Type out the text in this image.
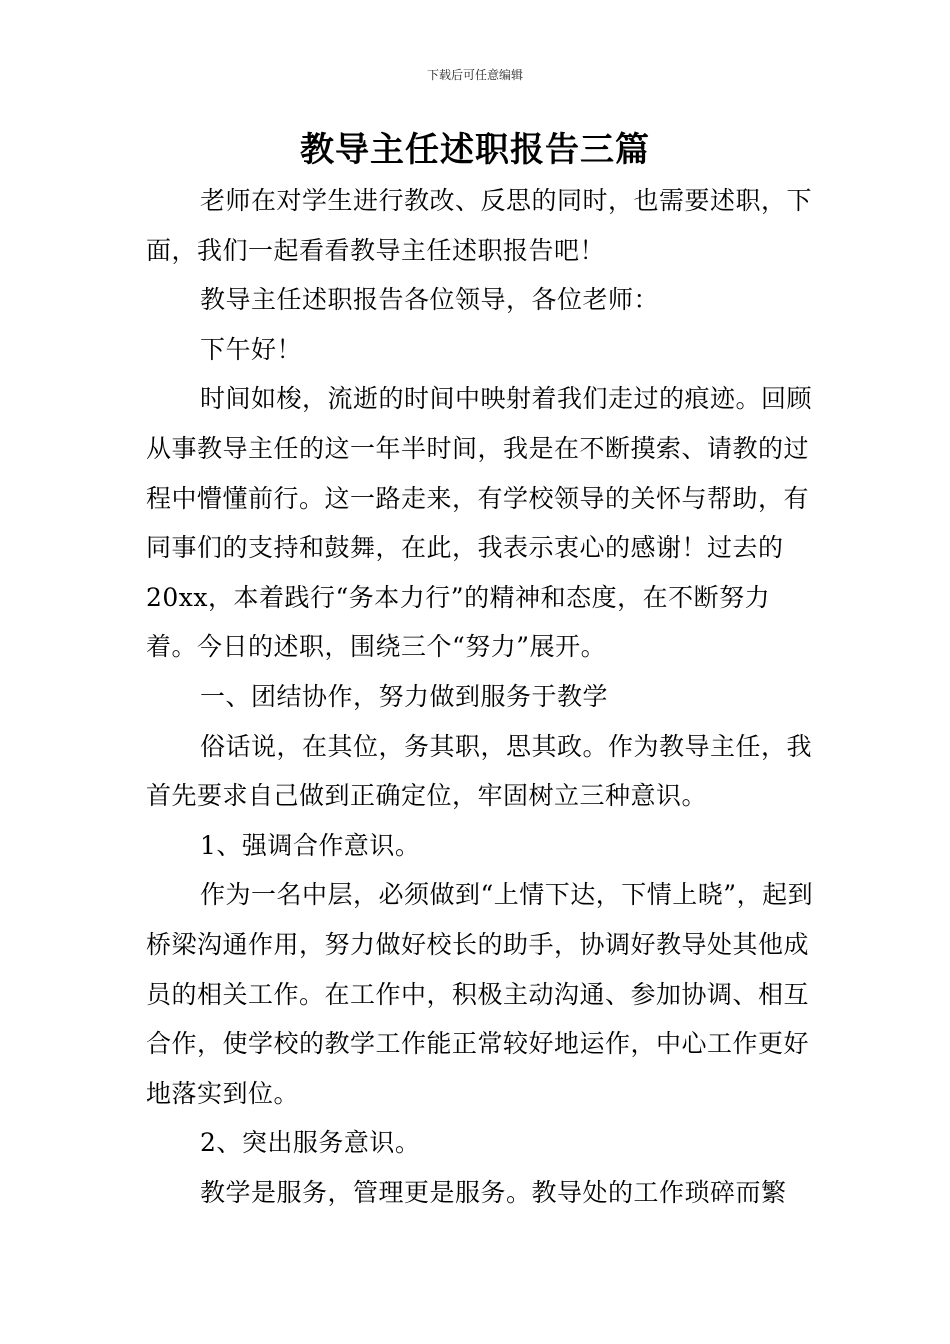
下载后可任意编辑
教导主任述职报告三篇

老师在对学生进行教改、反思的同时，也需要述职，下面，我们一起看看教导主任述职报告吧！

教导主任述职报告各位领导，各位老师：

下午好！

时间如梭，流逝的时间中映射着我们走过的痕迹。回顾从事教导主任的这一年半时间，我是在不断摸索、请教的过程中懵懂前行。这一路走来，有学校领导的关怀与帮助，有同事们的支持和鼓舞，在此，我表示衷心的感谢！过去的20xx，本着践行“务本力行”的精神和态度，在不断努力着。今日的述职，围绕三个“努力”展开。

一、团结协作，努力做到服务于教学

俗话说，在其位，务其职，思其政。作为教导主任，我首先要求自己做到正确定位，牢固树立三种意识。

1、强调合作意识。

作为一名中层，必须做到“上情下达，下情上晓”，起到桥梁沟通作用，努力做好校长的助手，协调好教导处其他成员的相关工作。在工作中，积极主动沟通、参加协调、相互合作，使学校的教学工作能正常较好地运作，中心工作更好地落实到位。

2、突出服务意识。

教学是服务，管理更是服务。教导处的工作琐碎而繁
